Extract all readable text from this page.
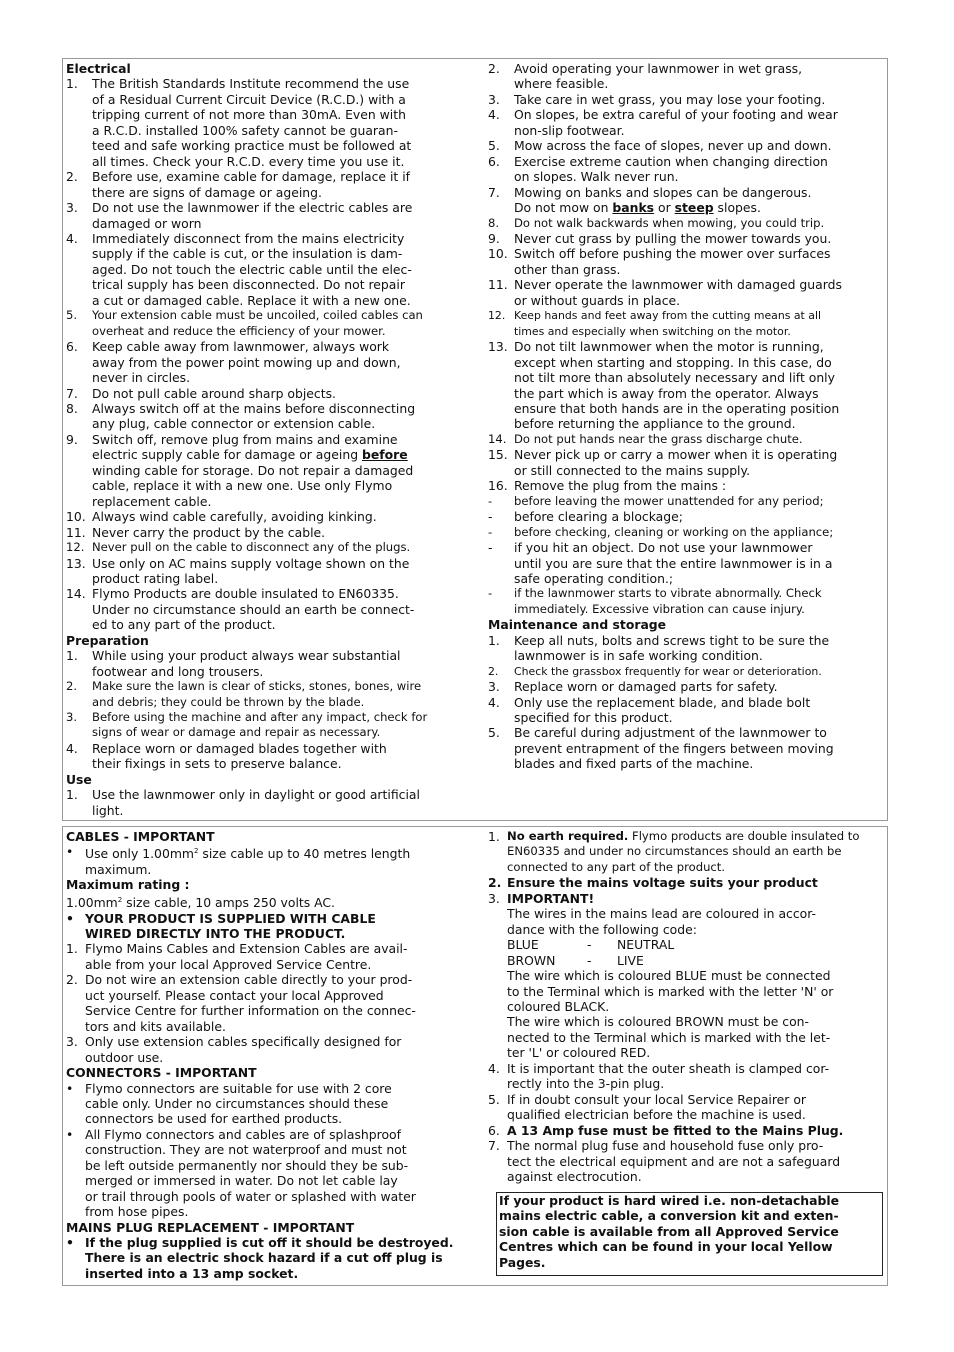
Electrical
1.	The British Standards Institute recommend the use
of a Residual Current Circuit Device (R.C.D.) with a
tripping current of not more than 30mA. Even with
a R.C.D. installed 100% safety cannot be guaran-
teed and safe working practice must be followed at
all times. Check your R.C.D. every time you use it.
2.	Before use, examine cable for damage, replace it if
there are signs of damage or ageing.
3.	Do not use the lawnmower if the electric cables are
damaged or worn
4.	Immediately disconnect from the mains electricity
supply if the cable is cut, or the insulation is dam-
aged. Do not touch the electric cable until the elec-
trical supply has been disconnected. Do not repair
a cut or damaged cable. Replace it with a new one.
5.	Your extension cable must be uncoiled, coiled cables can
overheat and reduce the efficiency of your mower.
6.	Keep cable away from lawnmower, always work
away from the power point mowing up and down,
never in circles.
7.	Do not pull cable around sharp objects.
8.	Always switch off at the mains before disconnecting
any plug, cable connector or extension cable.
9.	Switch off, remove plug from mains and examine
electric supply cable for damage or ageing before
winding cable for storage. Do not repair a damaged
cable, replace it with a new one. Use only Flymo
replacement cable.
10. Always wind cable carefully, avoiding kinking.
11. Never carry the product by the cable.
12. Never pull on the cable to disconnect any of the plugs.
13. Use only on AC mains supply voltage shown on the
product rating label.
14. Flymo Products are double insulated to EN60335.
Under no circumstance should an earth be connect-
ed to any part of the product.
Preparation
1.	While using your product always wear substantial
footwear and long trousers.
2.	Make sure the lawn is clear of sticks, stones, bones, wire
and debris; they could be thrown by the blade.
3.	Before using the machine and after any impact, check for
signs of wear or damage and repair as necessary.
4.	Replace worn or damaged blades together with
their fixings in sets to preserve balance.
Use
1.	Use the lawnmower only in daylight or good artificial
light.
2.	Avoid operating your lawnmower in wet grass,
where feasible.
3.	Take care in wet grass, you may lose your footing.
4.	On slopes, be extra careful of your footing and wear
non-slip footwear.
5.	Mow across the face of slopes, never up and down.
6.	Exercise extreme caution when changing direction
on slopes. Walk never run.
7.	Mowing on banks and slopes can be dangerous.
Do not mow on banks or steep slopes.
8.	Do not walk backwards when mowing, you could trip.
9.	Never cut grass by pulling the mower towards you.
10. Switch off before pushing the mower over surfaces
other than grass.
11. Never operate the lawnmower with damaged guards
or without guards in place.
12. Keep hands and feet away from the cutting means at all
times and especially when switching on the motor.
13. Do not tilt lawnmower when the motor is running,
except when starting and stopping. In this case, do
not tilt more than absolutely necessary and lift only
the part which is away from the operator. Always
ensure that both hands are in the operating position
before returning the appliance to the ground.
14. Do not put hands near the grass discharge chute.
15. Never pick up or carry a mower when it is operating
or still connected to the mains supply.
16. Remove the plug from the mains :
-	before leaving the mower unattended for any period;
-	before clearing a blockage;
-	before checking, cleaning or working on the appliance;
-	if you hit an object. Do not use your lawnmower
until you are sure that the entire lawnmower is in a
safe operating condition.;
-	if the lawnmower starts to vibrate abnormally. Check
immediately. Excessive vibration can cause injury.
Maintenance and storage
1.	Keep all nuts, bolts and screws tight to be sure the
lawnmower is in safe working condition.
2.	Check the grassbox frequently for wear or deterioration.
3.	Replace worn or damaged parts for safety.
4.	Only use the replacement blade, and blade bolt
specified for this product.
5.	Be careful during adjustment of the lawnmower to
prevent entrapment of the fingers between moving
blades and fixed parts of the machine.
CABLES - IMPORTANT
• Use only $1.00mm^2$ size cable up to 40 metres length
maximum.
Maximum rating :
$1.00mm^2$ size cable, 10 amps 250 volts AC.
• YOUR PRODUCT IS SUPPLIED WITH CABLE
WIRED DIRECTLY INTO THE PRODUCT.
1. Flymo Mains Cables and Extension Cables are avail-
able from your local Approved Service Centre.
2. Do not wire an extension cable directly to your prod-
uct yourself. Please contact your local Approved
Service Centre for further information on the connec-
tors and kits available.
3. Only use extension cables specifically designed for
outdoor use.
CONNECTORS - IMPORTANT
• Flymo connectors are suitable for use with 2 core
cable only. Under no circumstances should these
connectors be used for earthed products.
• All Flymo connectors and cables are of splashproof
construction. They are not waterproof and must not
be left outside permanently nor should they be sub-
merged or immersed in water. Do not let cable lay
or trail through pools of water or splashed with water
from hose pipes.
MAINS PLUG REPLACEMENT - IMPORTANT
• If the plug supplied is cut off it should be destroyed.
There is an electric shock hazard if a cut off plug is
inserted into a 13 amp socket.
1. No earth required. Flymo products are double insulated to
EN60335 and under no circumstances should an earth be
connected to any part of the product.
2. Ensure the mains voltage suits your product
3. IMPORTANT!
The wires in the mains lead are coloured in accor-
dance with the following code:
BLUE	-	NEUTRAL
BROWN	-	LIVE
The wire which is coloured BLUE must be connected
to the Terminal which is marked with the letter 'N' or
coloured BLACK.
The wire which is coloured BROWN must be con-
nected to the Terminal which is marked with the let-
ter 'L' or coloured RED.
4. It is important that the outer sheath is clamped cor-
rectly into the 3-pin plug.
5. If in doubt consult your local Service Repairer or
qualified electrician before the machine is used.
6. A 13 Amp fuse must be fitted to the Mains Plug.
7. The normal plug fuse and household fuse only pro-
tect the electrical equipment and are not a safeguard
against electrocution.
If your product is hard wired i.e. non-detachable
mains electric cable, a conversion kit and exten-
sion cable is available from all Approved Service
Centres which can be found in your local Yellow
Pages.
